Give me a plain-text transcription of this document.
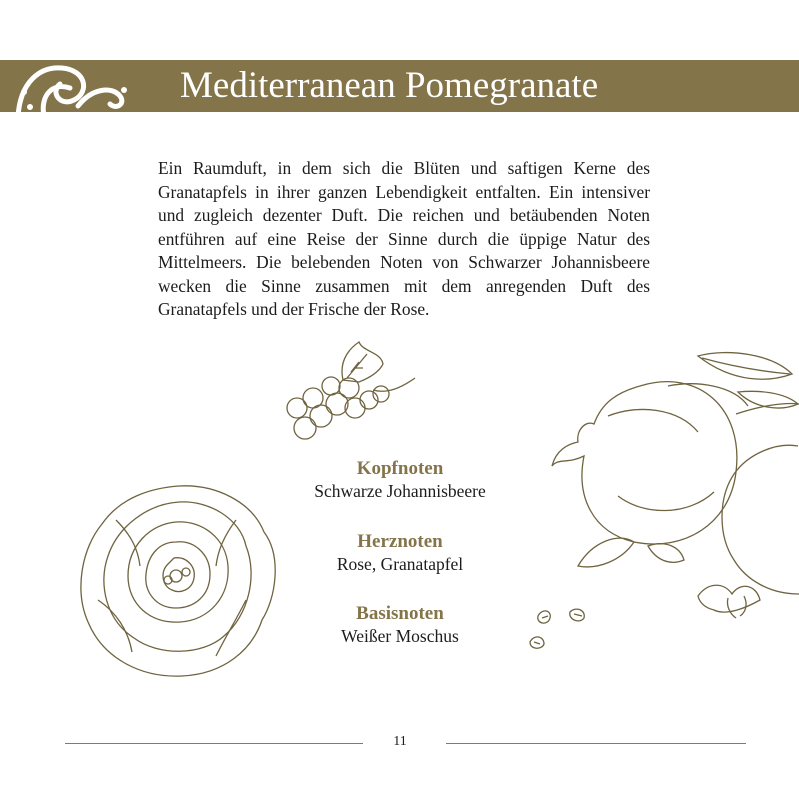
Mediterranean Pomegranate

Ein Raumduft, in dem sich die Blüten und saftigen Kerne des Granatapfels in ihrer ganzen Lebendigkeit entfalten. Ein intensiver und zugleich dezenter Duft. Die reichen und betäubenden Noten entführen auf eine Reise der Sinne durch die üppige Natur des Mittelmeers. Die belebenden Noten von Schwarzer Johannisbeere wecken die Sinne zusammen mit dem anregenden Duft des Granatapfels und der Frische der Rose.

Kopfnoten
Schwarze Johannisbeere
Herznoten
Rose, Granatapfel
Basisnoten
Weißer Moschus
11
